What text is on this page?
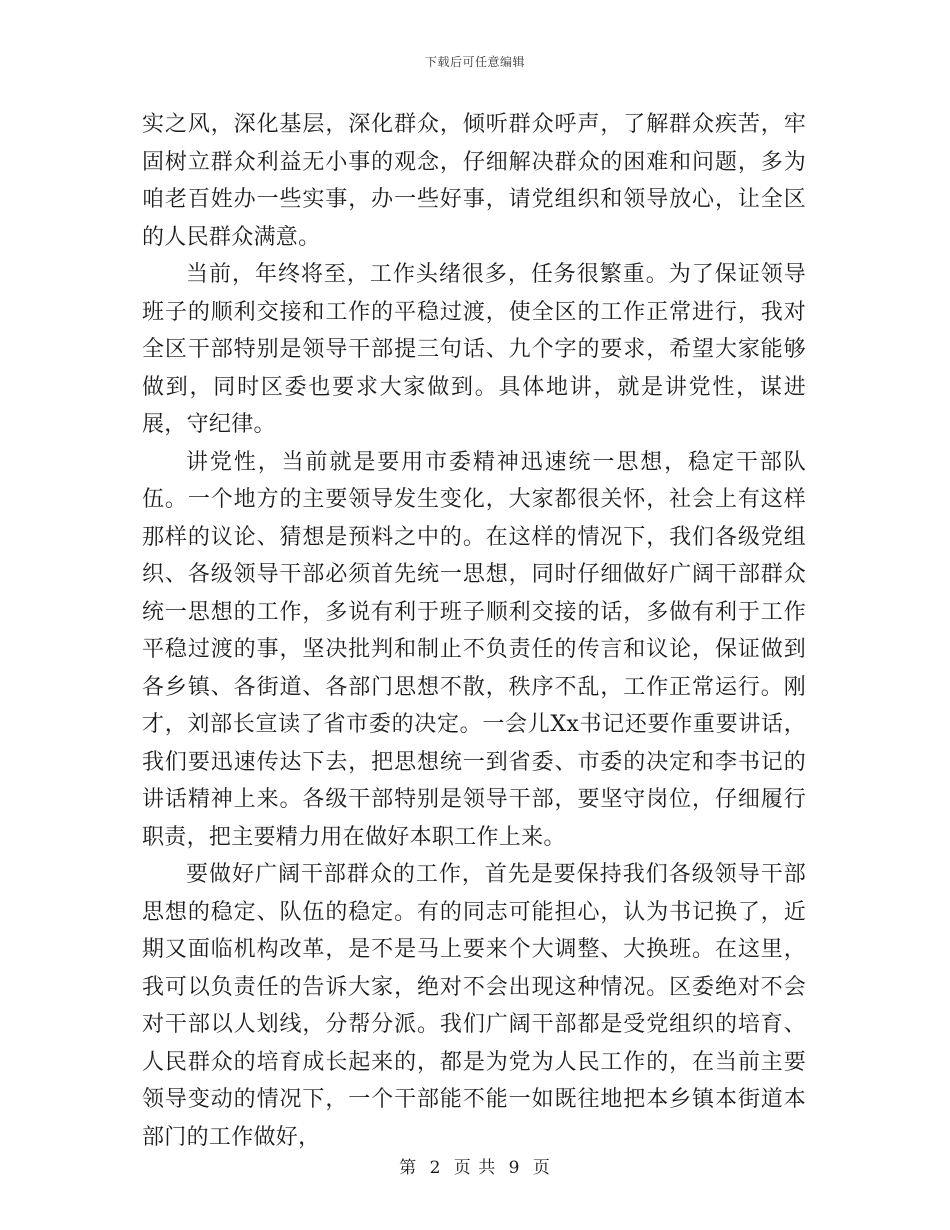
下载后可任意编辑

实之风，深化基层，深化群众，倾听群众呼声，了解群众疾苦，牢固树立群众利益无小事的观念，仔细解决群众的困难和问题，多为咱老百姓办一些实事，办一些好事，请党组织和领导放心，让全区的人民群众满意。

当前，年终将至，工作头绪很多，任务很繁重。为了保证领导班子的顺利交接和工作的平稳过渡，使全区的工作正常进行，我对全区干部特别是领导干部提三句话、九个字的要求，希望大家能够做到，同时区委也要求大家做到。具体地讲，就是讲党性，谋进展，守纪律。

讲党性，当前就是要用市委精神迅速统一思想，稳定干部队伍。一个地方的主要领导发生变化，大家都很关怀，社会上有这样那样的议论、猜想是预料之中的。在这样的情况下，我们各级党组织、各级领导干部必须首先统一思想，同时仔细做好广阔干部群众统一思想的工作，多说有利于班子顺利交接的话，多做有利于工作平稳过渡的事，坚决批判和制止不负责任的传言和议论，保证做到各乡镇、各街道、各部门思想不散，秩序不乱，工作正常运行。刚才，刘部长宣读了省市委的决定。一会儿Xx书记还要作重要讲话，我们要迅速传达下去，把思想统一到省委、市委的决定和李书记的讲话精神上来。各级干部特别是领导干部，要坚守岗位，仔细履行职责，把主要精力用在做好本职工作上来。

要做好广阔干部群众的工作，首先是要保持我们各级领导干部思想的稳定、队伍的稳定。有的同志可能担心，认为书记换了，近期又面临机构改革，是不是马上要来个大调整、大换班。在这里，我可以负责任的告诉大家，绝对不会出现这种情况。区委绝对不会对干部以人划线，分帮分派。我们广阔干部都是受党组织的培育、人民群众的培育成长起来的，都是为党为人民工作的，在当前主要领导变动的情况下，一个干部能不能一如既往地把本乡镇本街道本部门的工作做好，

第 2 页 共 9 页
